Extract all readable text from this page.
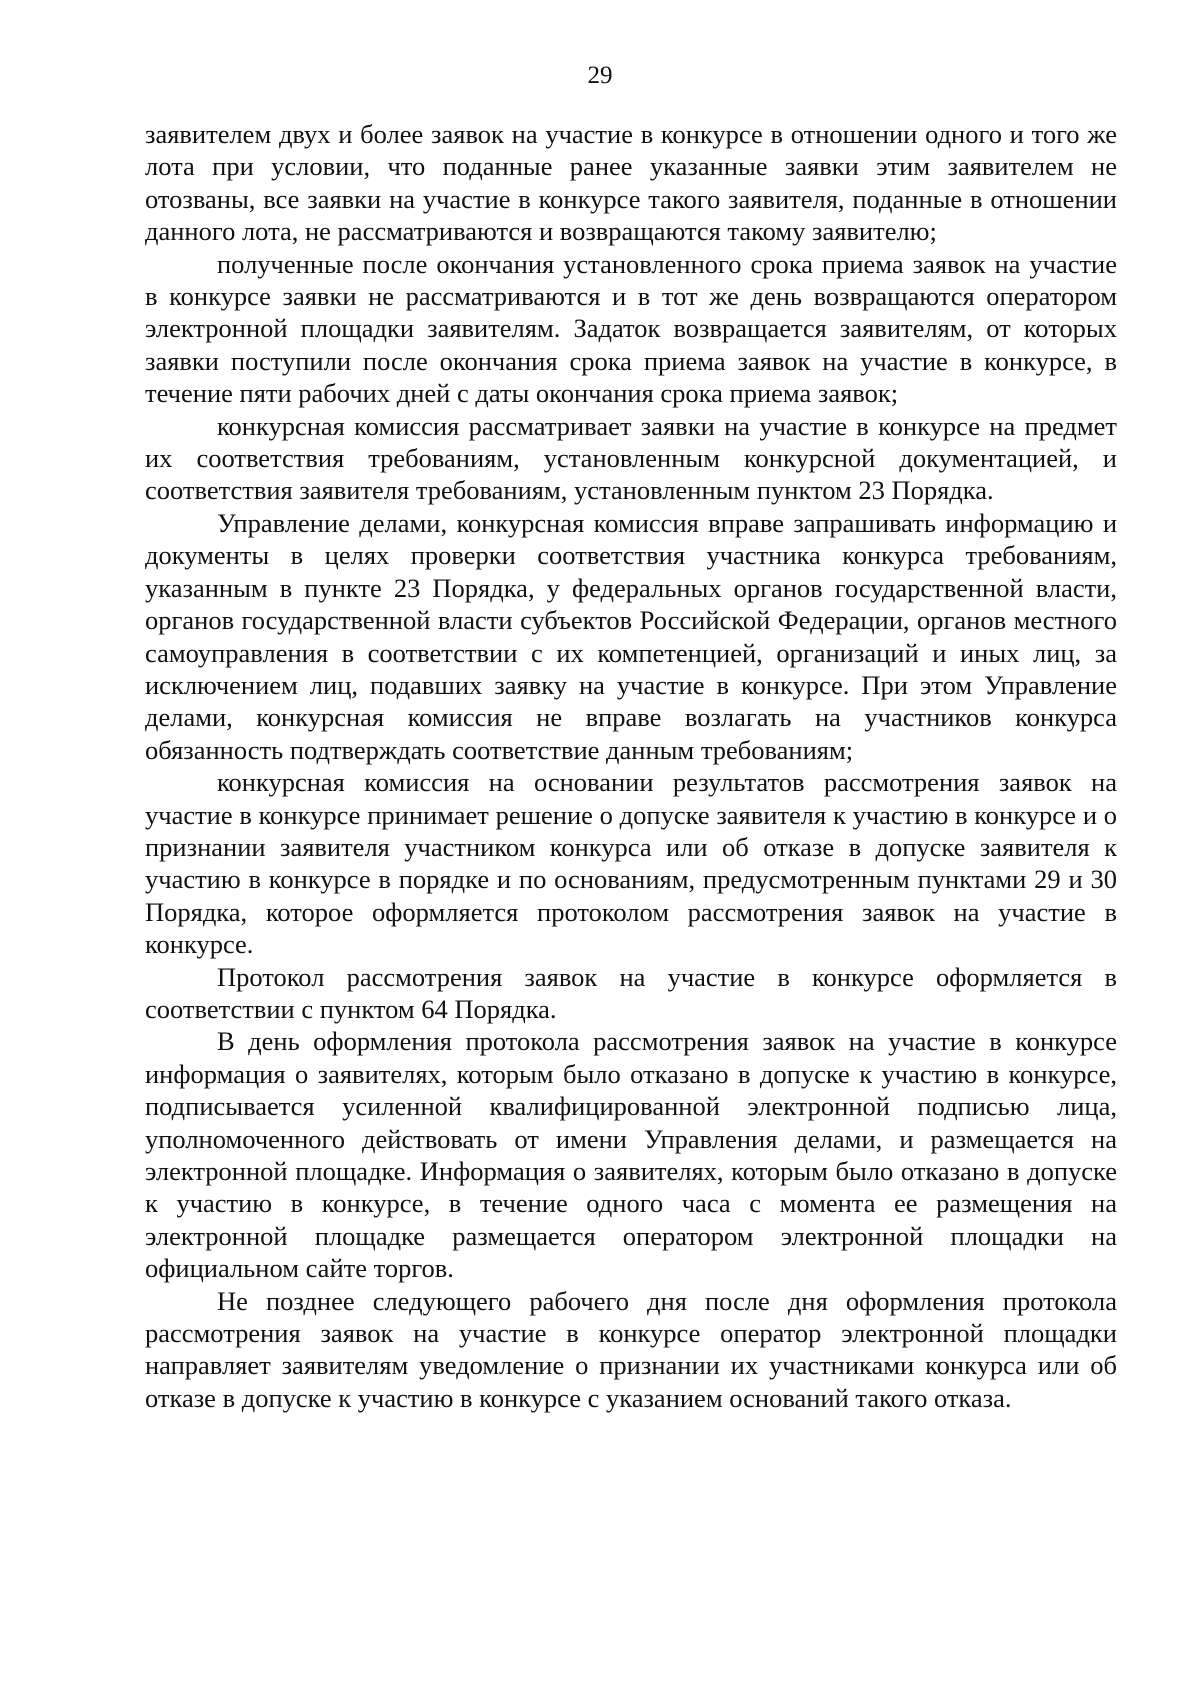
29

заявителем двух и более заявок на участие в конкурсе в отношении одного и того же лота при условии, что поданные ранее указанные заявки этим заявителем не отозваны, все заявки на участие в конкурсе такого заявителя, поданные в отношении данного лота, не рассматриваются и возвращаются такому заявителю;

полученные после окончания установленного срока приема заявок на участие в конкурсе заявки не рассматриваются и в тот же день возвращаются оператором электронной площадки заявителям. Задаток возвращается заявителям, от которых заявки поступили после окончания срока приема заявок на участие в конкурсе, в течение пяти рабочих дней с даты окончания срока приема заявок;

конкурсная комиссия рассматривает заявки на участие в конкурсе на предмет их соответствия требованиям, установленным конкурсной документацией, и соответствия заявителя требованиям, установленным пунктом 23 Порядка.

Управление делами, конкурсная комиссия вправе запрашивать информацию и документы в целях проверки соответствия участника конкурса требованиям, указанным в пункте 23 Порядка, у федеральных органов государственной власти, органов государственной власти субъектов Российской Федерации, органов местного самоуправления в соответствии с их компетенцией, организаций и иных лиц, за исключением лиц, подавших заявку на участие в конкурсе. При этом Управление делами, конкурсная комиссия не вправе возлагать на участников конкурса обязанность подтверждать соответствие данным требованиям;

конкурсная комиссия на основании результатов рассмотрения заявок на участие в конкурсе принимает решение о допуске заявителя к участию в конкурсе и о признании заявителя участником конкурса или об отказе в допуске заявителя к участию в конкурсе в порядке и по основаниям, предусмотренным пунктами 29 и 30 Порядка, которое оформляется протоколом рассмотрения заявок на участие в конкурсе.

Протокол рассмотрения заявок на участие в конкурсе оформляется в соответствии с пунктом 64 Порядка.

В день оформления протокола рассмотрения заявок на участие в конкурсе информация о заявителях, которым было отказано в допуске к участию в конкурсе, подписывается усиленной квалифицированной электронной подписью лица, уполномоченного действовать от имени Управления делами, и размещается на электронной площадке. Информация о заявителях, которым было отказано в допуске к участию в конкурсе, в течение одного часа с момента ее размещения на электронной площадке размещается оператором электронной площадки на официальном сайте торгов.

Не позднее следующего рабочего дня после дня оформления протокола рассмотрения заявок на участие в конкурсе оператор электронной площадки направляет заявителям уведомление о признании их участниками конкурса или об отказе в допуске к участию в конкурсе с указанием оснований такого отказа.
